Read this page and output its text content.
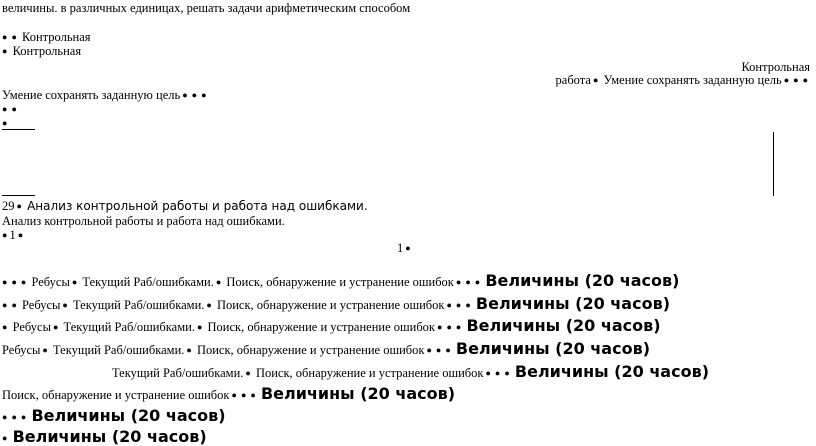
величины. в различных единицах, решать задачи арифметическим способом
● ● Контрольная
● Контрольная
Контрольная
работа ● Умение сохранять заданную цель● ● ●
Умение сохранять заданную цель● ● ●
● ●
●
29 ● Анализ контрольной работы и работа над ошибками.
Анализ контрольной работы и работа над ошибками.
● 1●
1●
● ● ● Ребусы ● Текущий Раб/ошибками. ● Поиск, обнаружение и устранение ошибок ● ● ● Величины (20 часов)
● ● Ребусы ● Текущий Раб/ошибками. ● Поиск, обнаружение и устранение ошибок ● ● ● Величины (20 часов)
● Ребусы ● Текущий Раб/ошибками. ● Поиск, обнаружение и устранение ошибок ● ● ● Величины (20 часов)
Ребусы ● Текущий Раб/ошибками. ● Поиск, обнаружение и устранение ошибок ● ● ● Величины (20 часов)
Текущий Раб/ошибками. ● Поиск, обнаружение и устранение ошибок ● ● ● Величины (20 часов)
Поиск, обнаружение и устранение ошибок ● ● ● Величины (20 часов)
● ● ● Величины (20 часов)
● Величины (20 часов)
